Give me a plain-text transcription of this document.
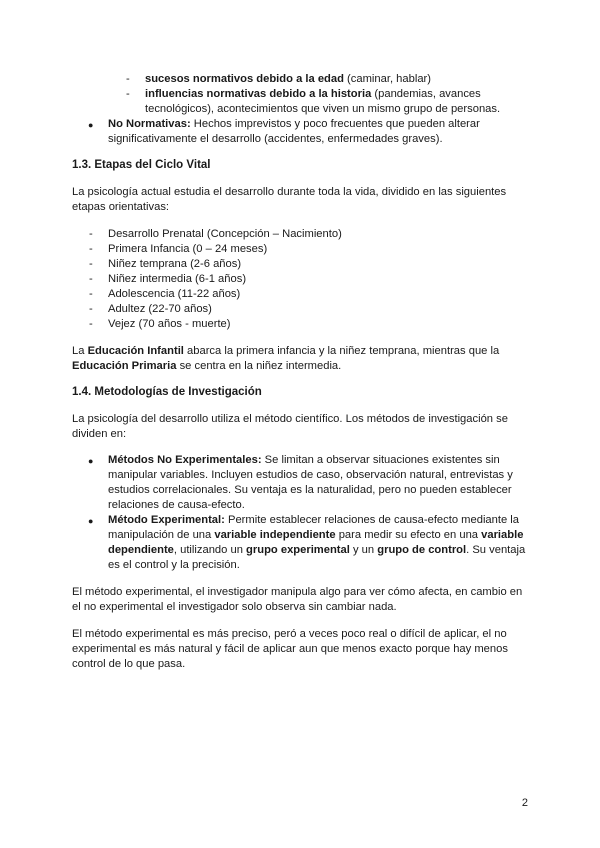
-	sucesos normativos debido a la edad (caminar, hablar)
-	influencias normativas debido a la historia (pandemias, avances
tecnológicos), acontecimientos que viven un mismo grupo de personas.
● No Normativas: Hechos imprevistos y poco frecuentes que pueden alterar
significativamente el desarrollo (accidentes, enfermedades graves).
1.3. Etapas del Ciclo Vital
La psicología actual estudia el desarrollo durante toda la vida, dividido en las siguientes
etapas orientativas:
-	Desarrollo Prenatal (Concepción – Nacimiento)
-	Primera Infancia (0 – 24 meses)
-	Niñez temprana (2-6 años)
-	Niñez intermedia (6-1 años)
-	Adolescencia (11-22 años)
-	Adultez (22-70 años)
-	Vejez (70 años - muerte)
La Educación Infantil abarca la primera infancia y la niñez temprana, mientras que la
Educación Primaria se centra en la niñez intermedia.
1.4. Metodologías de Investigación
La psicología del desarrollo utiliza el método científico. Los métodos de investigación se
dividen en:
● Métodos No Experimentales: Se limitan a observar situaciones existentes sin
manipular variables. Incluyen estudios de caso, observación natural, entrevistas y
estudios correlacionales. Su ventaja es la naturalidad, pero no pueden establecer
relaciones de causa-efecto.
● Método Experimental: Permite establecer relaciones de causa-efecto mediante la
manipulación de una variable independiente para medir su efecto en una variable
dependiente, utilizando un grupo experimental y un grupo de control. Su ventaja
es el control y la precisión.
El método experimental, el investigador manipula algo para ver cómo afecta, en cambio en
el no experimental el investigador solo observa sin cambiar nada.
El método experimental es más preciso, peró a veces poco real o difícil de aplicar, el no
experimental es más natural y fácil de aplicar aun que menos exacto porque hay menos
control de lo que pasa.
2
